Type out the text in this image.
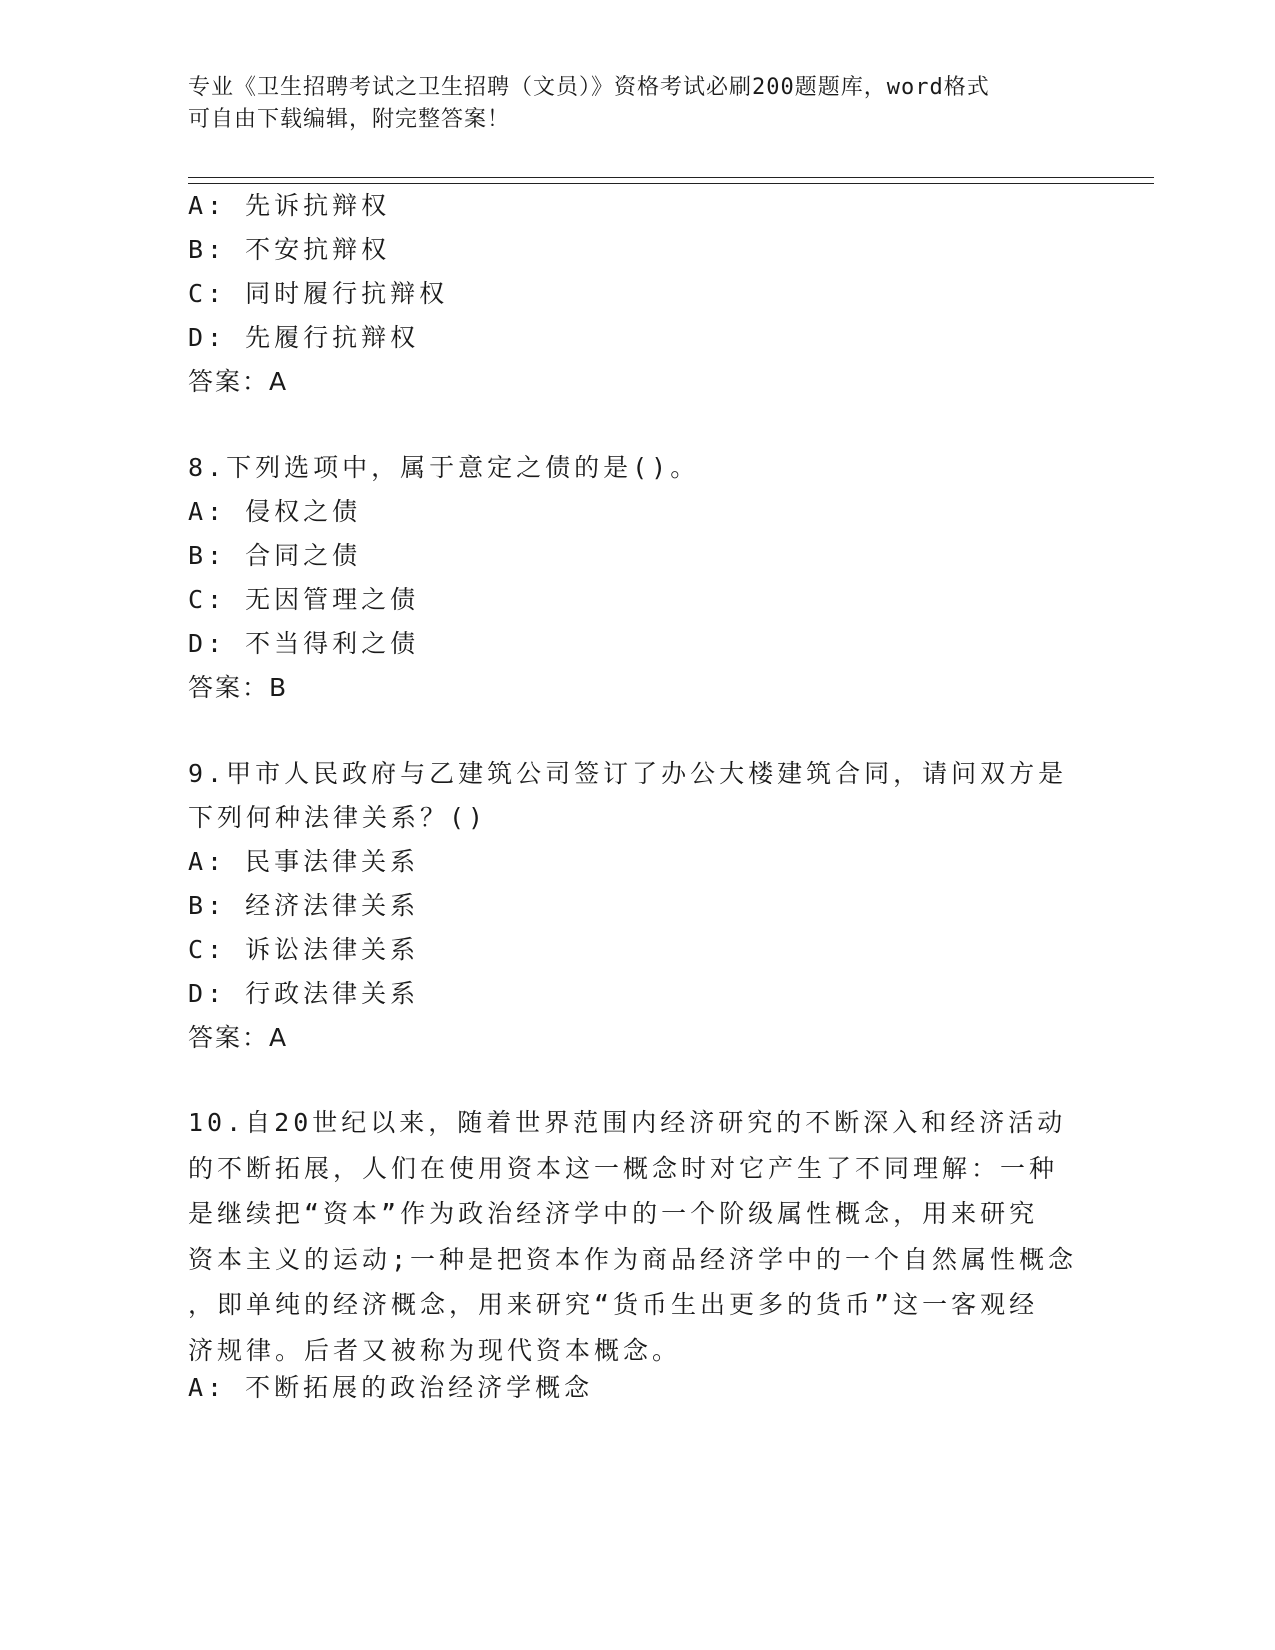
专业《卫生招聘考试之卫生招聘（文员）》资格考试必刷200题题库，word格式
可自由下载编辑，附完整答案！
A: 先诉抗辩权
B: 不安抗辩权
C: 同时履行抗辩权
D: 先履行抗辩权
答案：A
8.下列选项中，属于意定之债的是()。
A: 侵权之债
B: 合同之债
C: 无因管理之债
D: 不当得利之债
答案：B
9.甲市人民政府与乙建筑公司签订了办公大楼建筑合同，请问双方是
下列何种法律关系？()
A: 民事法律关系
B: 经济法律关系
C: 诉讼法律关系
D: 行政法律关系
答案：A
10.自20世纪以来，随着世界范围内经济研究的不断深入和经济活动
的不断拓展，人们在使用资本这一概念时对它产生了不同理解：一种
是继续把“资本”作为政治经济学中的一个阶级属性概念，用来研究
资本主义的运动;一种是把资本作为商品经济学中的一个自然属性概念
，即单纯的经济概念，用来研究“货币生出更多的货币”这一客观经
济规律。后者又被称为现代资本概念。
A: 不断拓展的政治经济学概念
